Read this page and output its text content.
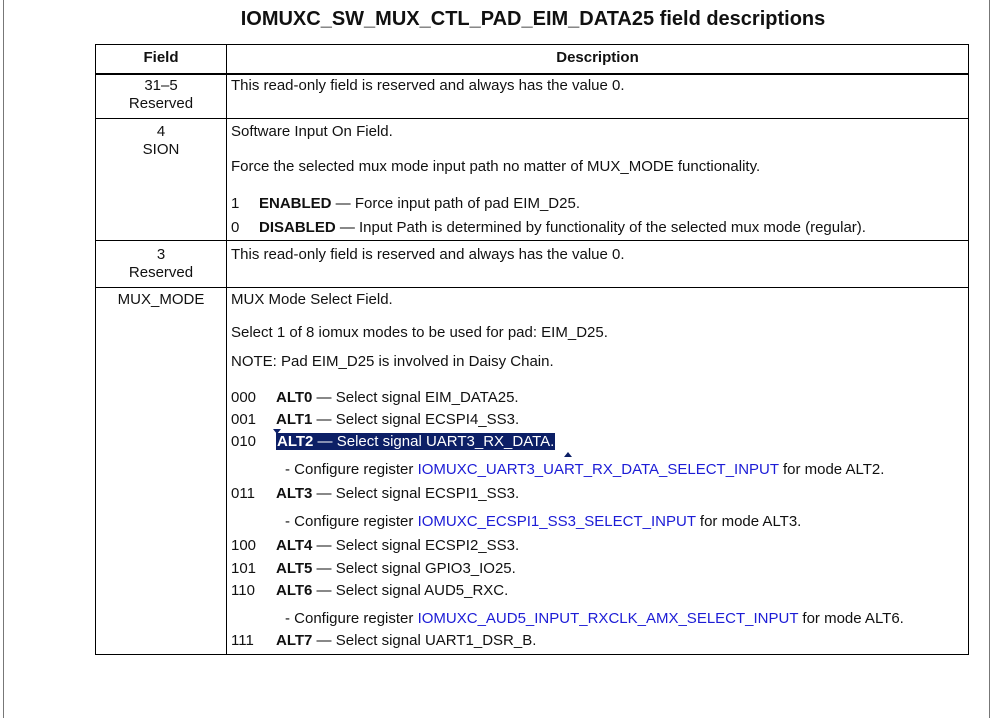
IOMUXC_SW_MUX_CTL_PAD_EIM_DATA25 field descriptions
Field	Description
31–5
Reserved
This read-only field is reserved and always has the value 0.
4
SION
Software Input On Field.
Force the selected mux mode input path no matter of MUX_MODE functionality.
1 ENABLED — Force input path of pad EIM_D25.
0 DISABLED — Input Path is determined by functionality of the selected mux mode (regular).
3
Reserved
This read-only field is reserved and always has the value 0.
MUX_MODE	MUX Mode Select Field.
Select 1 of 8 iomux modes to be used for pad: EIM_D25.
NOTE: Pad EIM_D25 is involved in Daisy Chain.
000 ALT0 — Select signal EIM_DATA25.
001 ALT1 — Select signal ECSPI4_SS3.
010 ALT2 — Select signal UART3_RX_DATA.
- Configure register IOMUXC_UART3_UART_RX_DATA_SELECT_INPUT for mode ALT2.
011 ALT3 — Select signal ECSPI1_SS3.
- Configure register IOMUXC_ECSPI1_SS3_SELECT_INPUT for mode ALT3.
100 ALT4 — Select signal ECSPI2_SS3.
101 ALT5 — Select signal GPIO3_IO25.
110 ALT6 — Select signal AUD5_RXC.
- Configure register IOMUXC_AUD5_INPUT_RXCLK_AMX_SELECT_INPUT for mode ALT6.
111 ALT7 — Select signal UART1_DSR_B.
